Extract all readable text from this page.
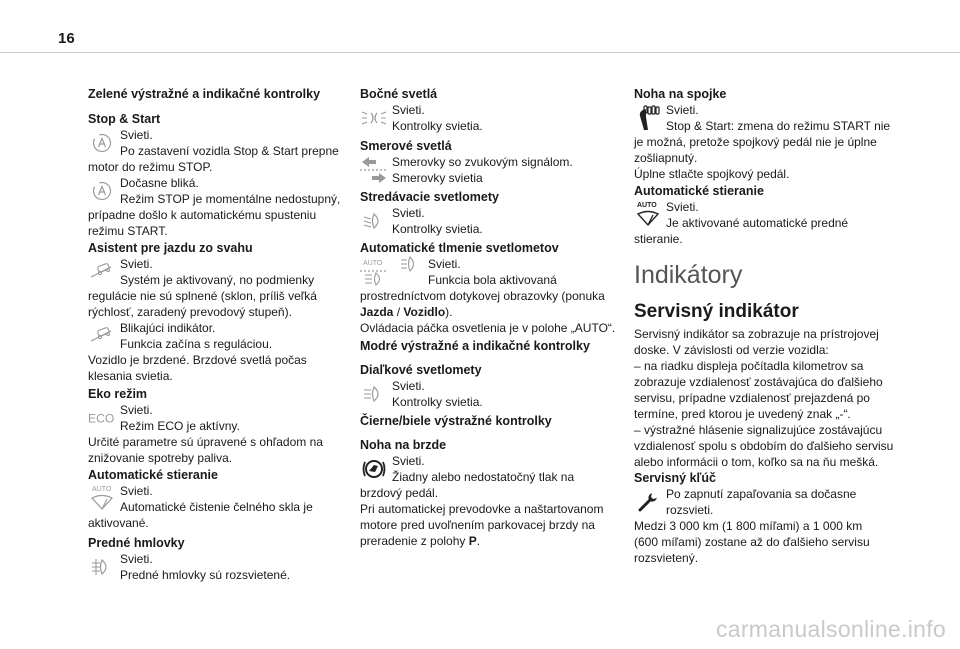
16
Zelené výstražné a indikačné kontrolky
Stop & Start
Svieti.
Po zastavení vozidla Stop & Start prepne
motor do režimu STOP.
Dočasne bliká.
Režim STOP je momentálne nedostupný,
prípadne došlo k automatickému spusteniu
režimu START.
Asistent pre jazdu zo svahu
Svieti.
Systém je aktivovaný, no podmienky
regulácie nie sú splnené (sklon, príliš veľká
rýchlosť, zaradený prevodový stupeň).
Blikajúci indikátor.
Funkcia začína s reguláciou.
Vozidlo je brzdené. Brzdové svetlá počas
klesania svietia.
Eko režim
ECO
Svieti.
Režim ECO je aktívny.
Určité parametre sú úpravené s ohľadom na
znižovanie spotreby paliva.
Automatické stieranie
AUTO Svieti.
Automatické čistenie čelného skla je
aktivované.
Predné hmlovky
Svieti.
Predné hmlovky sú rozsvietené.
Bočné svetlá
Svieti.
Kontrolky svietia.
Smerové svetlá
Smerovky so zvukovým signálom.
Smerovky svietia
Stredávacie svetlomety
Svieti.
Kontrolky svietia.
Automatické tlmenie svetlometov
AUTO	Svieti.
Funkcia bola aktivovaná
prostredníctvom dotykovej obrazovky (ponuka
Jazda / Vozidlo).
Ovládacia páčka osvetlenia je v polohe „AUTO“.
Modré výstražné a indikačné kontrolky
Diaľkové svetlomety
Svieti.
Kontrolky svietia.
Čierne/biele výstražné kontrolky
Noha na brzde
Svieti.
Žiadny alebo nedostatočný tlak na
brzdový pedál.
Pri automatickej prevodovke a naštartovanom
motore pred uvoľnením parkovacej brzdy na
preradenie z polohy P.
Noha na spojke
Svieti.
Stop & Start: zmena do režimu START nie
je možná, pretože spojkový pedál nie je úplne
zošliapnutý.
Úplne stlačte spojkový pedál.
Automatické stieranie
AUTO Svieti.
Je aktivované automatické predné
stieranie.
Indikátory
Servisný indikátor
Servisný indikátor sa zobrazuje na prístrojovej
doske. V závislosti od verzie vozidla:
– na riadku displeja počítadla kilometrov sa
zobrazuje vzdialenosť zostávajúca do ďalšieho
servisu, prípadne vzdialenosť prejazdená po
termíne, pred ktorou je uvedený znak „-“.
– výstražné hlásenie signalizujúce zostávajúcu
vzdialenosť spolu s obdobím do ďalšieho servisu
alebo informácii o tom, koľko sa na ňu mešká.
Servisný kľúč
Po zapnutí zapaľovania sa dočasne
rozsvieti.
Medzi 3 000 km (1 800 míľami) a 1 000 km
(600 míľami) zostane až do ďalšieho servisu
rozsvietený.
carmanualsonline.info
